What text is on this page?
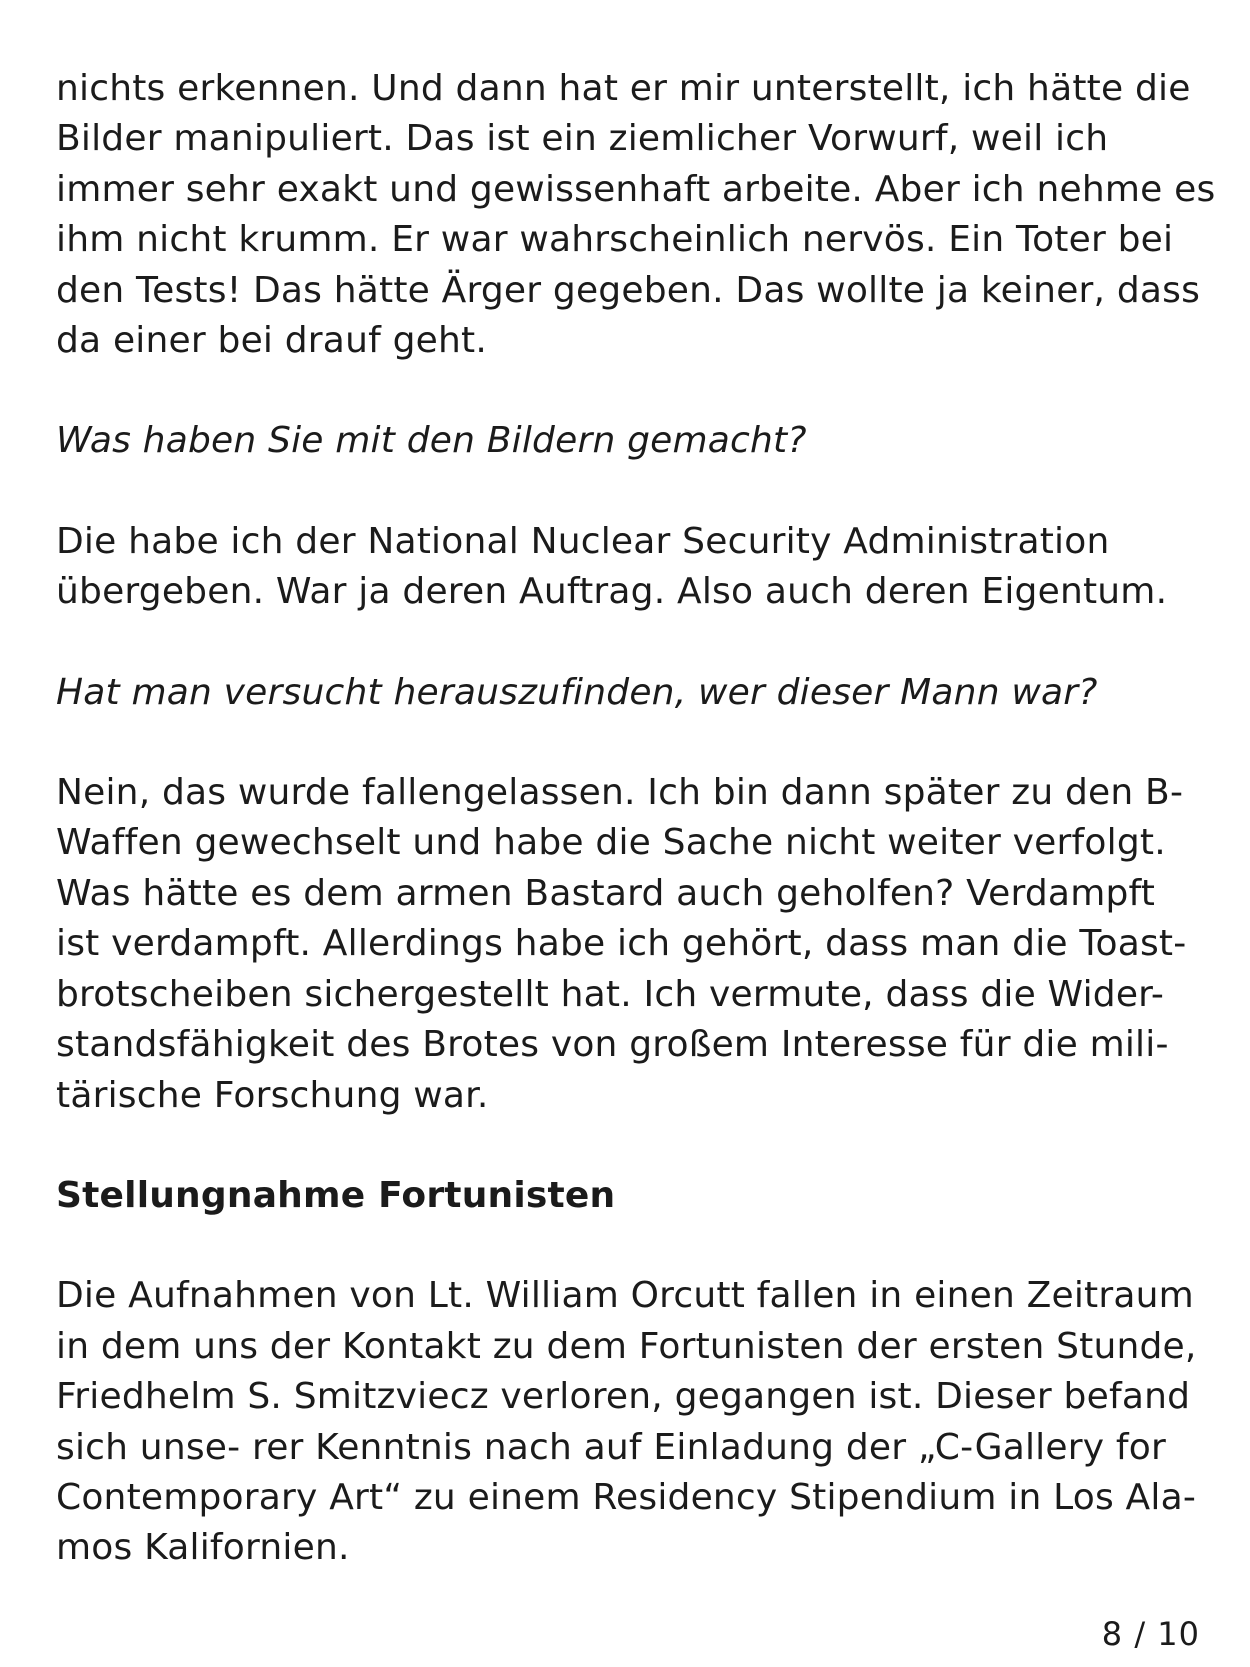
nichts erkennen. Und dann hat er mir unterstellt, ich hätte die
Bilder manipuliert. Das ist ein ziemlicher Vorwurf, weil ich
immer sehr exakt und gewissenhaft arbeite. Aber ich nehme es
ihm nicht krumm. Er war wahrscheinlich nervös. Ein Toter bei
den Tests! Das hätte Ärger gegeben. Das wollte ja keiner, dass
da einer bei drauf geht.
Was haben Sie mit den Bildern gemacht?
Die habe ich der National Nuclear Security Administration
übergeben. War ja deren Auftrag. Also auch deren Eigentum.
Hat man versucht herauszufinden, wer dieser Mann war?
Nein, das wurde fallengelassen. Ich bin dann später zu den B-
Waffen gewechselt und habe die Sache nicht weiter verfolgt.
Was hätte es dem armen Bastard auch geholfen? Verdampft
ist verdampft. Allerdings habe ich gehört, dass man die Toast-
brotscheiben sichergestellt hat. Ich vermute, dass die Wider-
standsfähigkeit des Brotes von großem Interesse für die mili-
tärische Forschung war.
Stellungnahme Fortunisten
Die Aufnahmen von Lt. William Orcutt fallen in einen Zeitraum
in dem uns der Kontakt zu dem Fortunisten der ersten Stunde,
Friedhelm S. Smitzviecz verloren, gegangen ist. Dieser befand
sich unse- rer Kenntnis nach auf Einladung der „C-Gallery for
Contemporary Art“ zu einem Residency Stipendium in Los Ala-
mos Kalifornien.
8 / 10
